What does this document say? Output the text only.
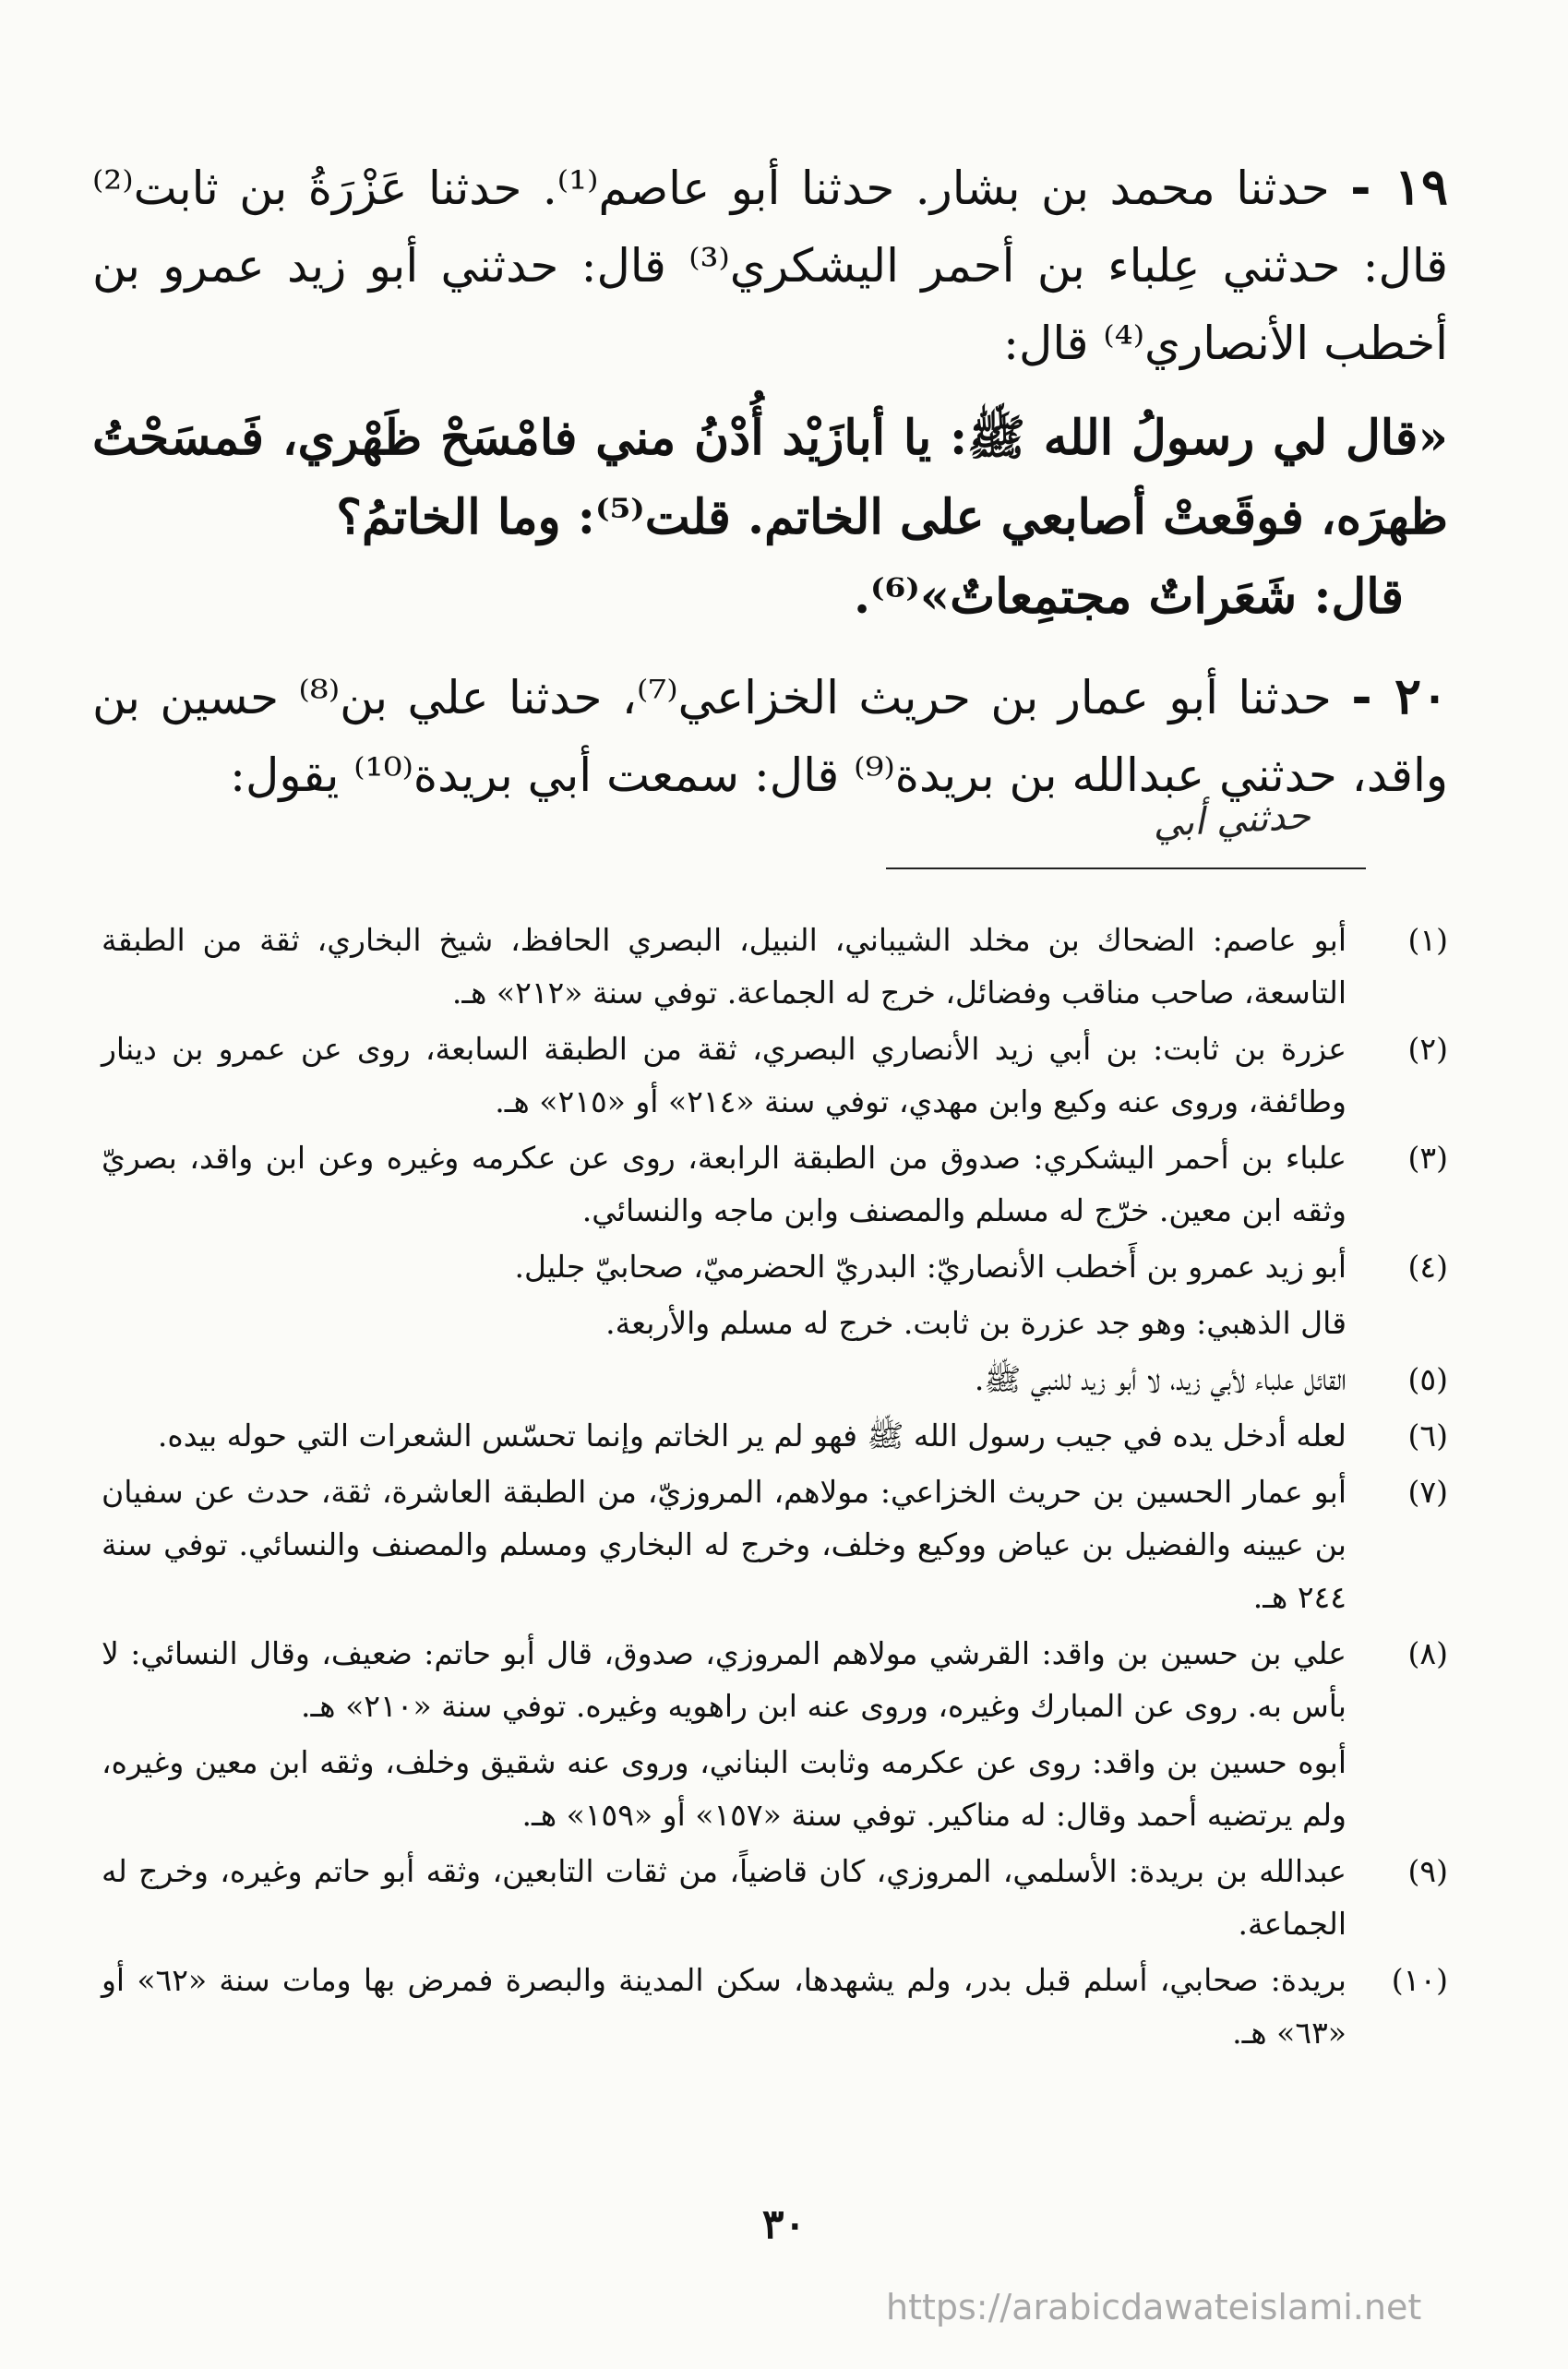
١٩ - حدثنا محمد بن بشار. حدثنا أبو عاصم⁽¹⁾. حدثنا عَزْرَةُ بن ثابت⁽²⁾ قال: حدثني عِلباء بن أحمر اليشكري⁽³⁾ قال: حدثني أبو زيد عمرو بن أخطب الأنصاري⁽⁴⁾ قال:

«قال لي رسولُ الله ﷺ: يا أبازَيْد أُدْنُ مني فامْسَحْ ظَهْري، فَمسَحْتُ ظهرَه، فوقَعتْ أصابعي على الخاتم. قلت⁽⁵⁾: وما الخاتمُ؟
قال: شَعَراتٌ مجتمِعاتٌ»⁽⁶⁾.

٢٠ - حدثنا أبو عمار بن حريث الخزاعي⁽⁷⁾، حدثنا علي بن⁽⁸⁾ حسين بن واقد، حدثني عبدالله بن بريدة⁽⁹⁾ قال: سمعت أبي بريدة⁽¹⁰⁾ يقول:

حدثني أبي
(١)
أبو عاصم: الضحاك بن مخلد الشيباني، النبيل، البصري الحافظ، شيخ البخاري، ثقة من الطبقة التاسعة، صاحب مناقب وفضائل، خرج له الجماعة. توفي سنة «٢١٢» هـ.
(٢)
عزرة بن ثابت: بن أبي زيد الأنصاري البصري، ثقة من الطبقة السابعة، روى عن عمرو بن دينار وطائفة، وروى عنه وكيع وابن مهدي، توفي سنة «٢١٤» أو «٢١٥» هـ.
(٣)
علباء بن أحمر اليشكري: صدوق من الطبقة الرابعة، روى عن عكرمه وغيره وعن ابن واقد، بصريّ وثقه ابن معين. خرّج له مسلم والمصنف وابن ماجه والنسائي.
(٤)
أبو زيد عمرو بن أَخطب الأنصاريّ: البدريّ الحضرميّ، صحابيّ جليل.
قال الذهبي: وهو جد عزرة بن ثابت. خرج له مسلم والأربعة.
(٥)
القائل علباء لأبي زيد، لا أبو زيد للنبي ﷺ.
(٦)
لعله أدخل يده في جيب رسول الله ﷺ فهو لم ير الخاتم وإنما تحسّس الشعرات التي حوله بيده.
(٧)
أبو عمار الحسين بن حريث الخزاعي: مولاهم، المروزيّ، من الطبقة العاشرة، ثقة، حدث عن سفيان بن عيينه والفضيل بن عياض ووكيع وخلف، وخرج له البخاري ومسلم والمصنف والنسائي. توفي سنة ٢٤٤ هـ.
(٨)
علي بن حسين بن واقد: القرشي مولاهم المروزي، صدوق، قال أبو حاتم: ضعيف، وقال النسائي: لا بأس به. روى عن المبارك وغيره، وروى عنه ابن راهويه وغيره. توفي سنة «٢١٠» هـ.
أبوه حسين بن واقد: روى عن عكرمه وثابت البناني، وروى عنه شقيق وخلف، وثقه ابن معين وغيره، ولم يرتضيه أحمد وقال: له مناكير. توفي سنة «١٥٧» أو «١٥٩» هـ.
(٩)
عبدالله بن بريدة: الأسلمي، المروزي، كان قاضياً، من ثقات التابعين، وثقه أبو حاتم وغيره، وخرج له الجماعة.
(١٠)
بريدة: صحابي، أسلم قبل بدر، ولم يشهدها، سكن المدينة والبصرة فمرض بها ومات سنة «٦٢» أو «٦٣» هـ.
٣٠
https://arabicdawateislami.net
